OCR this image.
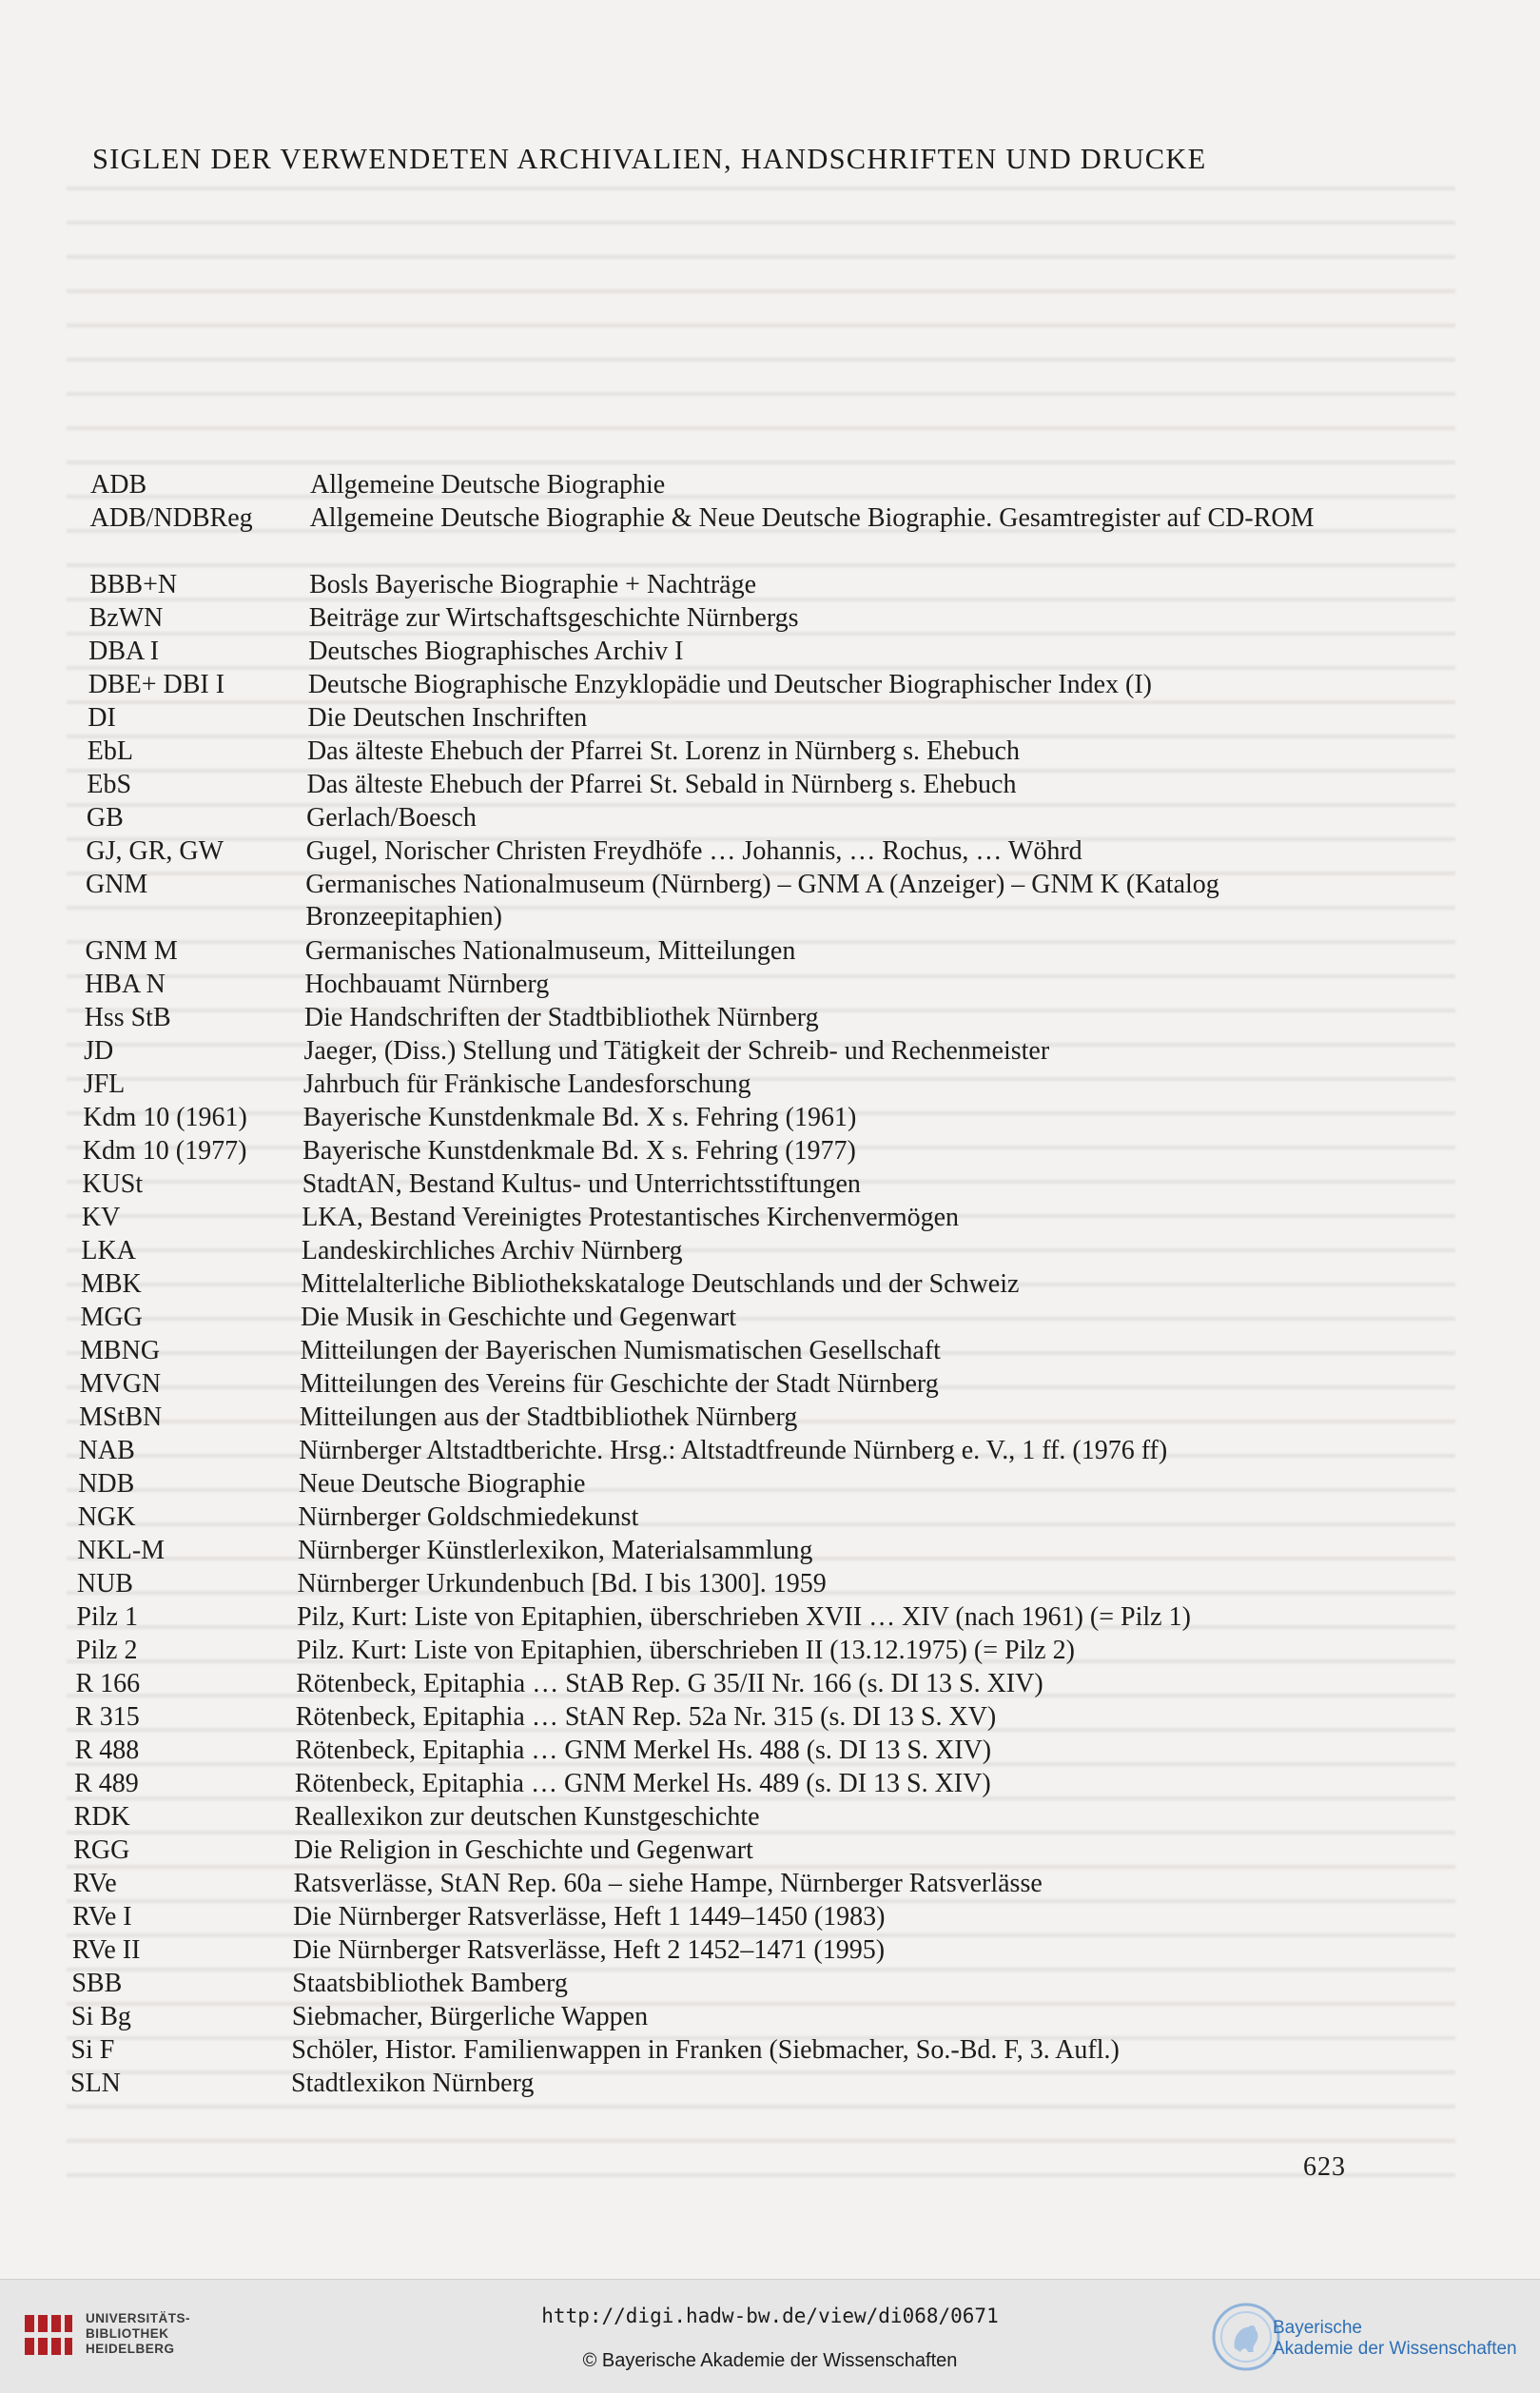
SIGLEN DER VERWENDETEN ARCHIVALIEN, HANDSCHRIFTEN UND DRUCKE
ADB	Allgemeine Deutsche Biographie
ADB/NDBReg	Allgemeine Deutsche Biographie & Neue Deutsche Biographie. Gesamtregister auf CD-ROM
BBB+N	Bosls Bayerische Biographie + Nachträge
BzWN	Beiträge zur Wirtschaftsgeschichte Nürnbergs
DBA I	Deutsches Biographisches Archiv I
DBE+ DBI I	Deutsche Biographische Enzyklopädie und Deutscher Biographischer Index (I)
DI	Die Deutschen Inschriften
EbL	Das älteste Ehebuch der Pfarrei St. Lorenz in Nürnberg s. Ehebuch
EbS	Das älteste Ehebuch der Pfarrei St. Sebald in Nürnberg s. Ehebuch
GB	Gerlach/Boesch
GJ, GR, GW	Gugel, Norischer Christen Freydhöfe … Johannis, … Rochus, … Wöhrd
GNM	Germanisches Nationalmuseum (Nürnberg) – GNM A (Anzeiger) – GNM K (Katalog Bronzeepitaphien)
GNM M	Germanisches Nationalmuseum, Mitteilungen
HBA N	Hochbauamt Nürnberg
Hss StB	Die Handschriften der Stadtbibliothek Nürnberg
JD	Jaeger, (Diss.) Stellung und Tätigkeit der Schreib- und Rechenmeister
JFL	Jahrbuch für Fränkische Landesforschung
Kdm 10 (1961)	Bayerische Kunstdenkmale Bd. X s. Fehring (1961)
Kdm 10 (1977)	Bayerische Kunstdenkmale Bd. X s. Fehring (1977)
KUSt	StadtAN, Bestand Kultus- und Unterrichtsstiftungen
KV	LKA, Bestand Vereinigtes Protestantisches Kirchenvermögen
LKA	Landeskirchliches Archiv Nürnberg
MBK	Mittelalterliche Bibliothekskataloge Deutschlands und der Schweiz
MGG	Die Musik in Geschichte und Gegenwart
MBNG	Mitteilungen der Bayerischen Numismatischen Gesellschaft
MVGN	Mitteilungen des Vereins für Geschichte der Stadt Nürnberg
MStBN	Mitteilungen aus der Stadtbibliothek Nürnberg
NAB	Nürnberger Altstadtberichte. Hrsg.: Altstadtfreunde Nürnberg e. V., 1 ff. (1976 ff)
NDB	Neue Deutsche Biographie
NGK	Nürnberger Goldschmiedekunst
NKL-M	Nürnberger Künstlerlexikon, Materialsammlung
NUB	Nürnberger Urkundenbuch [Bd. I bis 1300]. 1959
Pilz 1	Pilz, Kurt: Liste von Epitaphien, überschrieben XVII … XIV (nach 1961) (= Pilz 1)
Pilz 2	Pilz. Kurt: Liste von Epitaphien, überschrieben II (13.12.1975) (= Pilz 2)
R 166	Rötenbeck, Epitaphia … StAB Rep. G 35/II Nr. 166 (s. DI 13 S. XIV)
R 315	Rötenbeck, Epitaphia … StAN Rep. 52a Nr. 315 (s. DI 13 S. XV)
R 488	Rötenbeck, Epitaphia … GNM Merkel Hs. 488 (s. DI 13 S. XIV)
R 489	Rötenbeck, Epitaphia … GNM Merkel Hs. 489 (s. DI 13 S. XIV)
RDK	Reallexikon zur deutschen Kunstgeschichte
RGG	Die Religion in Geschichte und Gegenwart
RVe	Ratsverlässe, StAN Rep. 60a – siehe Hampe, Nürnberger Ratsverlässe
RVe I	Die Nürnberger Ratsverlässe, Heft 1 1449–1450 (1983)
RVe II	Die Nürnberger Ratsverlässe, Heft 2 1452–1471 (1995)
SBB	Staatsbibliothek Bamberg
Si Bg	Siebmacher, Bürgerliche Wappen
Si F	Schöler, Histor. Familienwappen in Franken (Siebmacher, So.-Bd. F, 3. Aufl.)
SLN	Stadtlexikon Nürnberg
623
UNIVERSITÄTS-
BIBLIOTHEK
HEIDELBERG
http://digi.hadw-bw.de/view/di068/0671
© Bayerische Akademie der Wissenschaften
Bayerische
Akademie der Wissenschaften
